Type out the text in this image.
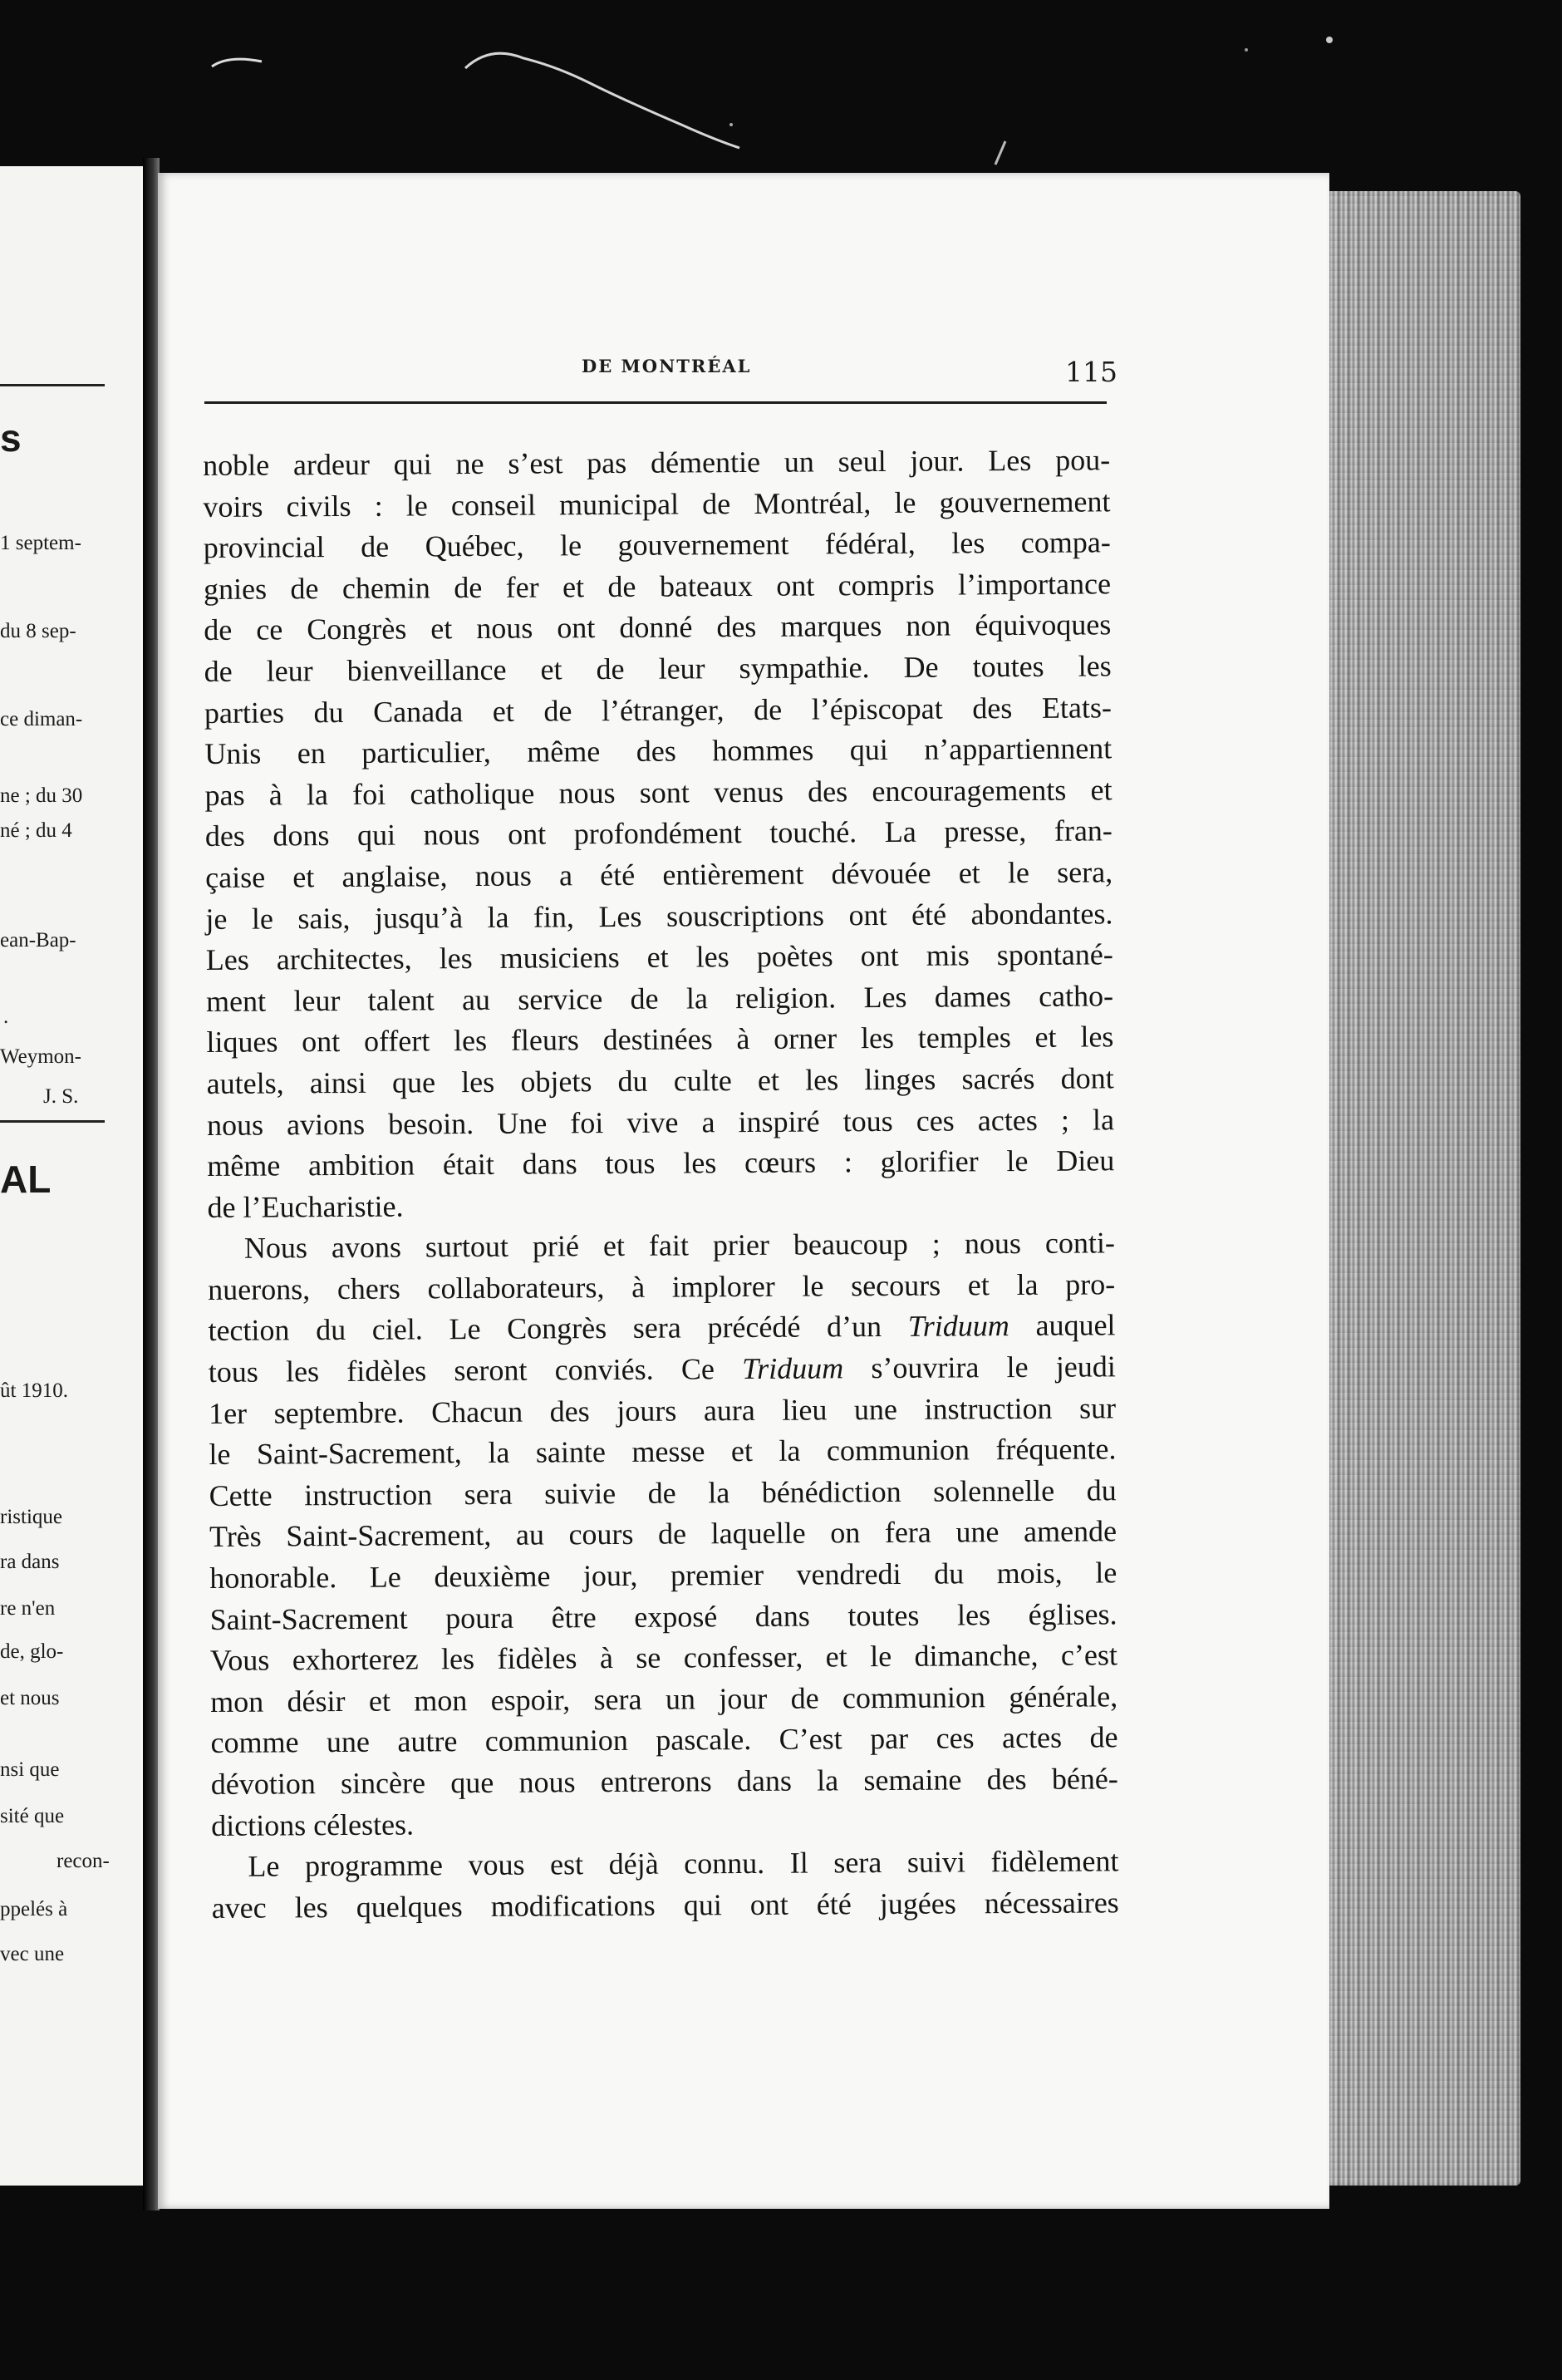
s
1 septem-
du 8 sep-
ce diman-
ne ; du 30
né ; du 4
ean-Bap-
.
Weymon-
J. S.
AL
ût 1910.
ristique
ra dans
re n'en
de, glo-
et nous
nsi que
sité que
recon-
ppelés à
vec une
DE MONTRÉAL	115
noble ardeur qui ne s’est pas démentie un seul jour. Les pou-
voirs civils : le conseil municipal de Montréal, le gouvernement
provincial de Québec, le gouvernement fédéral, les compa-
gnies de chemin de fer et de bateaux ont compris l’importance
de ce Congrès et nous ont donné des marques non équivoques
de leur bienveillance et de leur sympathie. De toutes les
parties du Canada et de l’étranger, de l’épiscopat des Etats-
Unis en particulier, même des hommes qui n’appartiennent
pas à la foi catholique nous sont venus des encouragements et
des dons qui nous ont profondément touché. La presse, fran-
çaise et anglaise, nous a été entièrement dévouée et le sera,
je le sais, jusqu’à la fin, Les souscriptions ont été abondantes.
Les architectes, les musiciens et les poètes ont mis spontané-
ment leur talent au service de la religion. Les dames catho-
liques ont offert les fleurs destinées à orner les temples et les
autels, ainsi que les objets du culte et les linges sacrés dont
nous avions besoin. Une foi vive a inspiré tous ces actes ; la
même ambition était dans tous les cœurs : glorifier le Dieu
de l’Eucharistie.
Nous avons surtout prié et fait prier beaucoup ; nous conti-
nuerons, chers collaborateurs, à implorer le secours et la pro-
tection du ciel. Le Congrès sera précédé d’un Triduum auquel
tous les fidèles seront conviés. Ce Triduum s’ouvrira le jeudi
1er septembre. Chacun des jours aura lieu une instruction sur
le Saint-Sacrement, la sainte messe et la communion fréquente.
Cette instruction sera suivie de la bénédiction solennelle du
Très Saint-Sacrement, au cours de laquelle on fera une amende
honorable. Le deuxième jour, premier vendredi du mois, le
Saint-Sacrement poura être exposé dans toutes les églises.
Vous exhorterez les fidèles à se confesser, et le dimanche, c’est
mon désir et mon espoir, sera un jour de communion générale,
comme une autre communion pascale. C’est par ces actes de
dévotion sincère que nous entrerons dans la semaine des béné-
dictions célestes.
Le programme vous est déjà connu. Il sera suivi fidèlement
avec les quelques modifications qui ont été jugées nécessaires
